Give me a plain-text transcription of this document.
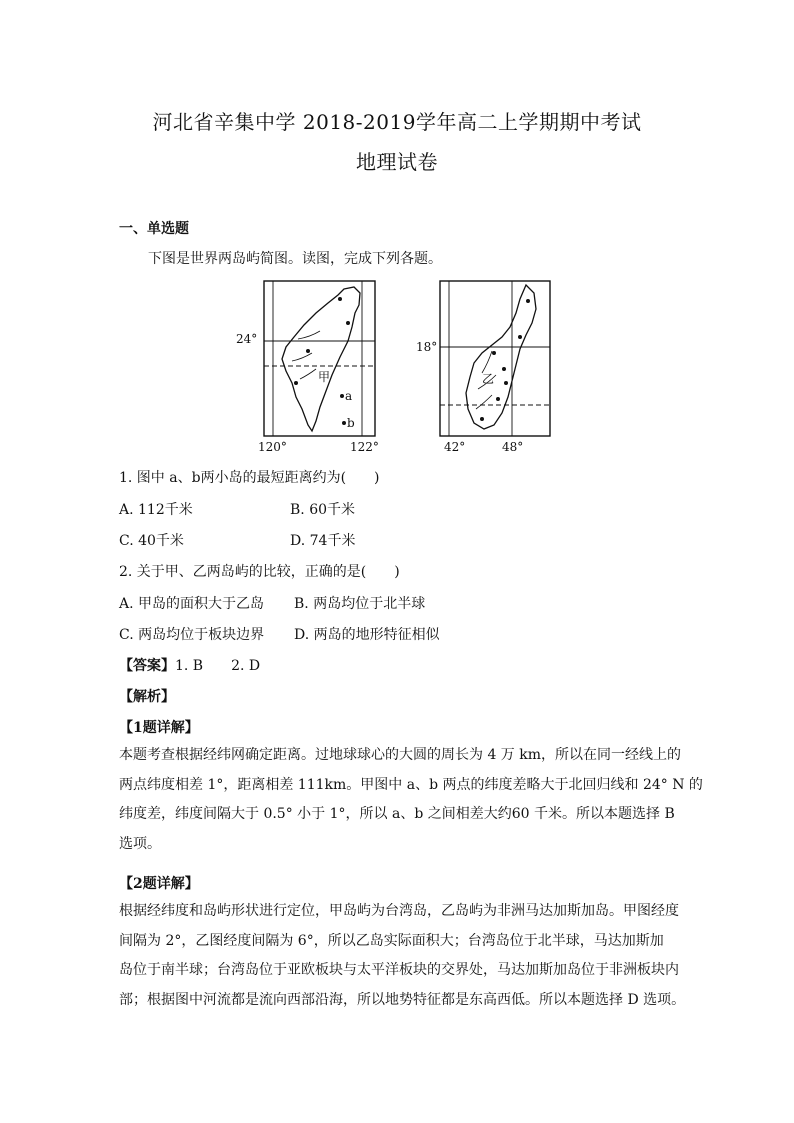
河北省辛集中学 2018-2019学年高二上学期期中考试
地理试卷
一、单选题
下图是世界两岛屿简图。读图，完成下列各题。
24°
120°	122°
甲
a
b
18°
42°	48°
乙
1. 图中 a、b两小岛的最短距离约为(　　)
A. 112千米	B. 60千米
C. 40千米	D. 74千米
2. 关于甲、乙两岛屿的比较，正确的是(　　)
A. 甲岛的面积大于乙岛 B. 两岛均位于北半球
C. 两岛均位于板块边界 D. 两岛的地形特征相似
【答案】1. B　　2. D
【解析】
【1题详解】
本题考查根据经纬网确定距离。过地球球心的大圆的周长为 4 万 km，所以在同一经线上的
两点纬度相差 1°，距离相差 111km。甲图中 a、b 两点的纬度差略大于北回归线和 24° N 的
纬度差，纬度间隔大于 0.5° 小于 1°，所以 a、b 之间相差大约60 千米。所以本题选择 B
选项。
【2题详解】
根据经纬度和岛屿形状进行定位，甲岛屿为台湾岛，乙岛屿为非洲马达加斯加岛。甲图经度
间隔为 2°，乙图经度间隔为 6°，所以乙岛实际面积大；台湾岛位于北半球，马达加斯加
岛位于南半球；台湾岛位于亚欧板块与太平洋板块的交界处，马达加斯加岛位于非洲板块内
部；根据图中河流都是流向西部沿海，所以地势特征都是东高西低。所以本题选择 D 选项。
